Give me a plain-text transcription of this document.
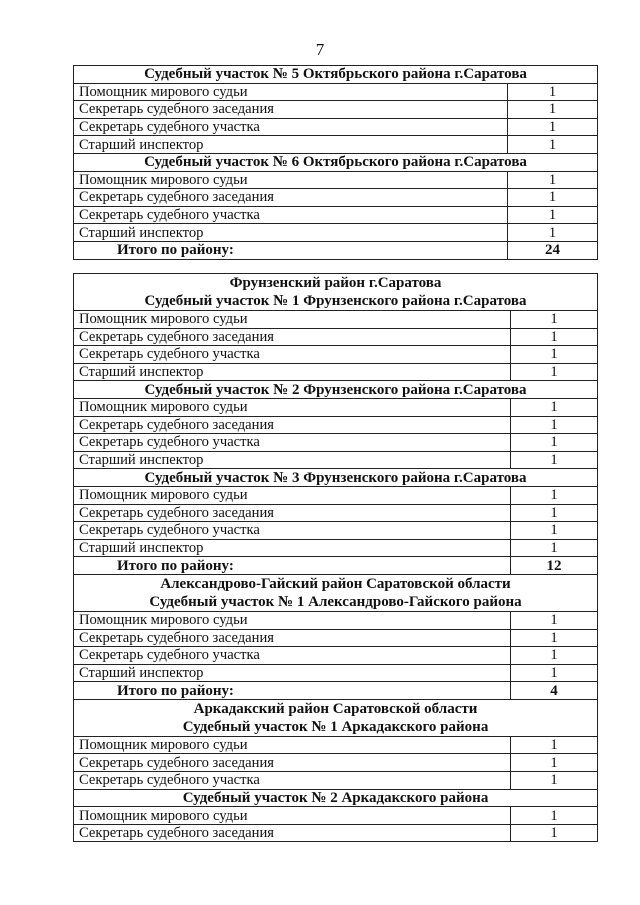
7
Судебный участок № 5 Октябрьского района г.Саратова	

Помощник мирового судьи	1
Секретарь судебного заседания	1
Секретарь судебного участка	1
Старший инспектор	1

Судебный участок № 6 Октябрьского района г.Саратова	

Помощник мирового судьи	1
Секретарь судебного заседания	1
Секретарь судебного участка	1
Старший инспектор	1
Итого по району:	24
Фрунзенский район г.Саратова
Судебный участок № 1 Фрунзенского района г.Саратова	

Помощник мирового судьи	1
Секретарь судебного заседания	1
Секретарь судебного участка	1
Старший инспектор	1

Судебный участок № 2 Фрунзенского района г.Саратова	

Помощник мирового судьи	1
Секретарь судебного заседания	1
Секретарь судебного участка	1
Старший инспектор	1

Судебный участок № 3 Фрунзенского района г.Саратова	

Помощник мирового судьи	1
Секретарь судебного заседания	1
Секретарь судебного участка	1
Старший инспектор	1
Итого по району:	12

Александрово-Гайский район Саратовской области
Судебный участок № 1 Александрово-Гайского района	

Помощник мирового судьи	1
Секретарь судебного заседания	1
Секретарь судебного участка	1
Старший инспектор	1
Итого по району:	4

Аркадакский район Саратовской области
Судебный участок № 1 Аркадакского района	

Помощник мирового судьи	1
Секретарь судебного заседания	1
Секретарь судебного участка	1

Судебный участок № 2 Аркадакского района	

Помощник мирового судьи	1
Секретарь судебного заседания	1
